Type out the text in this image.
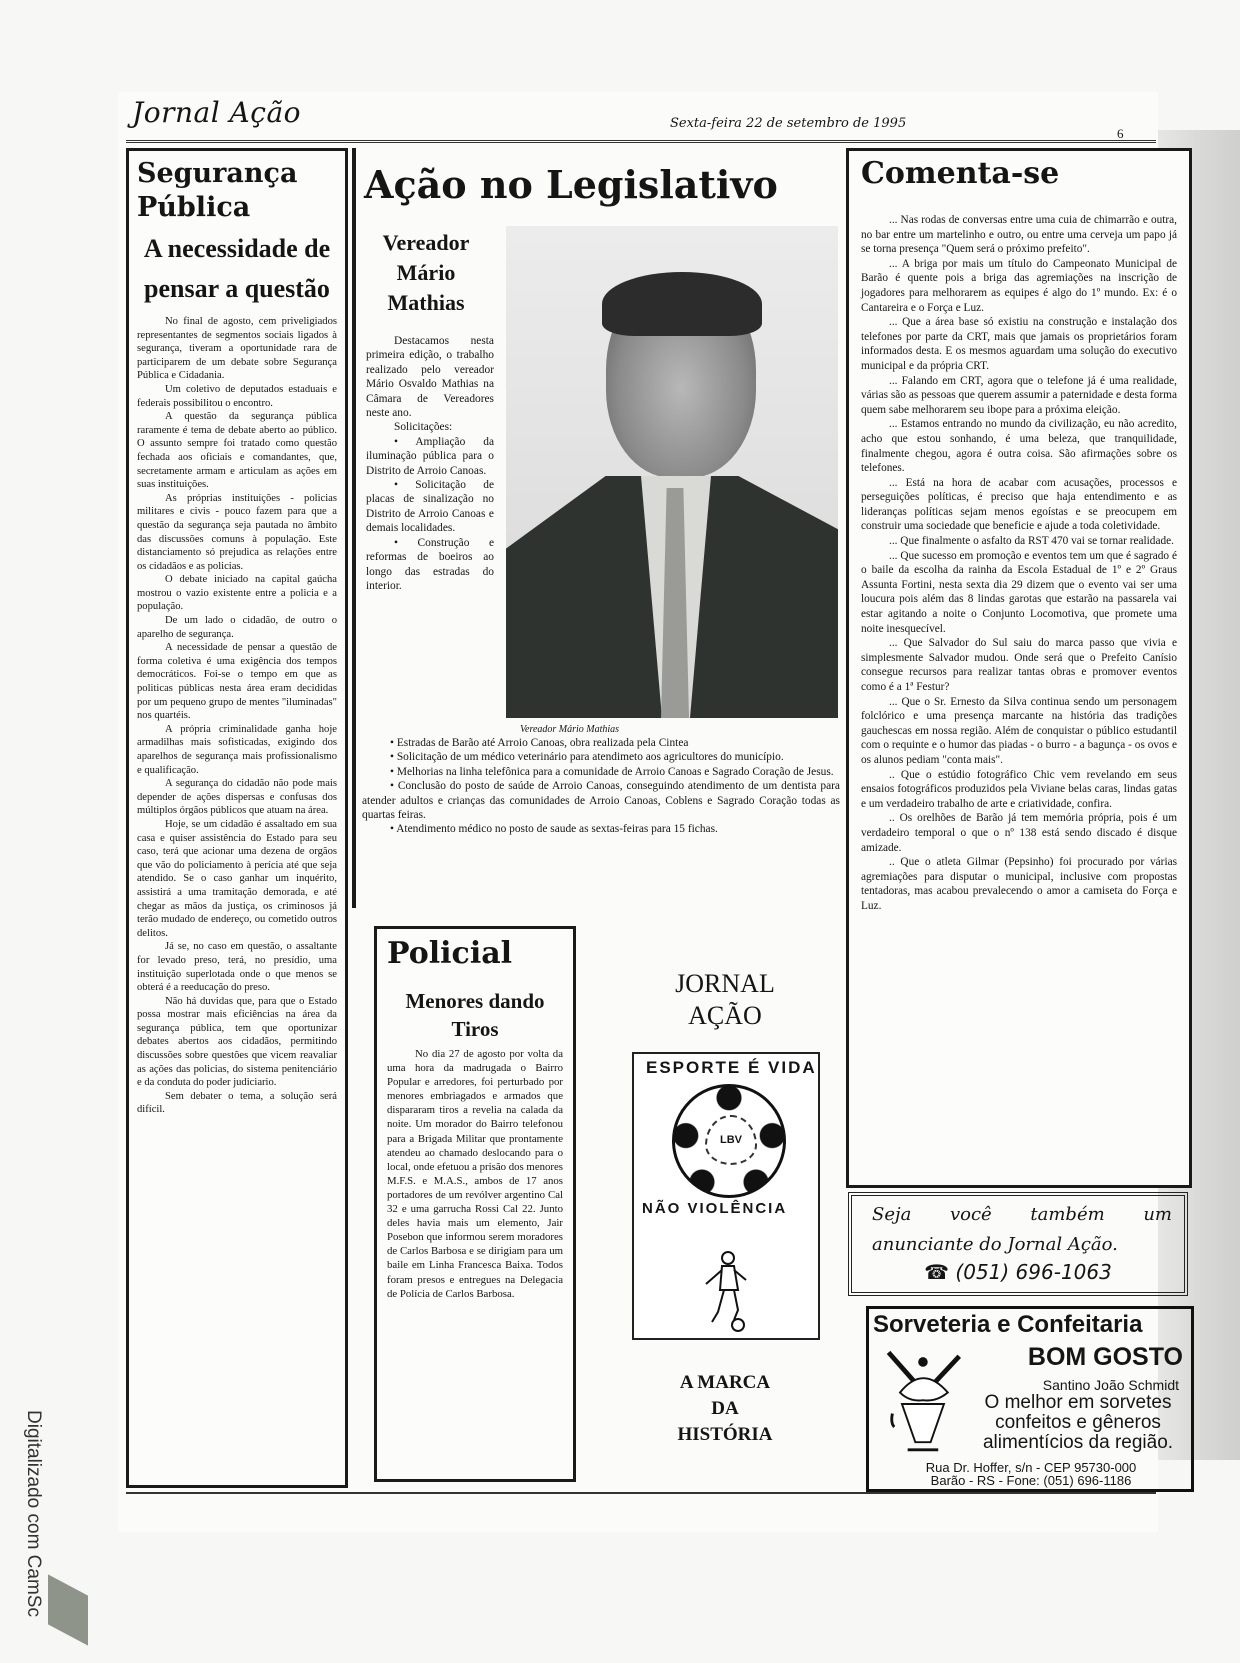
Digitalizado com CamSc
Jornal Ação	Sexta-feira 22 de setembro de 1995
6
Segurança Pública
A necessidade de pensar a questão

No final de agosto, cem priveligiados representantes de segmentos sociais ligados à segurança, tiveram a oportunidade rara de participarem de um debate sobre Segurança Pública e Cidadania.

Um coletivo de deputados estaduais e federais possibilitou o encontro.

A questão da segurança pública raramente é tema de debate aberto ao público. O assunto sempre foi tratado como questão fechada aos oficiais e comandantes, que, secretamente armam e articulam as ações em suas instituições.

As próprias instituições - policias militares e civis - pouco fazem para que a questão da segurança seja pautada no âmbito das discussões comuns à população. Este distanciamento só prejudica as relações entre os cidadãos e as policias.

O debate iniciado na capital gaúcha mostrou o vazio existente entre a policia e a população.

De um lado o cidadão, de outro o aparelho de segurança.

A necessidade de pensar a questão de forma coletiva é uma exigência dos tempos democráticos. Foi-se o tempo em que as politicas públicas nesta área eram decididas por um pequeno grupo de mentes "iluminadas" nos quartéis.

A própria criminalidade ganha hoje armadilhas mais sofisticadas, exigindo dos aparelhos de segurança mais profissionalismo e qualificação.

A segurança do cidadão não pode mais depender de ações dispersas e confusas dos múltiplos órgãos públicos que atuam na área.

Hoje, se um cidadão é assaltado em sua casa e quiser assistência do Estado para seu caso, terá que acionar uma dezena de orgãos que vão do policiamento à perícia até que seja atendido. Se o caso ganhar um inquérito, assistirá a uma tramitação demorada, e até chegar as mãos da justiça, os criminosos já terão mudado de endereço, ou cometido outros delitos.

Já se, no caso em questão, o assaltante for levado preso, terá, no presídio, uma instituição superlotada onde o que menos se obterá é a reeducação do preso.

Não há duvidas que, para que o Estado possa mostrar mais eficiências na área da segurança pública, tem que oportunizar debates abertos aos cidadãos, permitindo discussões sobre questões que vicem reavaliar as ações das policias, do sistema penitenciário e da conduta do poder judiciario.

Sem debater o tema, a solução será difícil.

Ação no Legislativo
Vereador Mário Mathias

Destacamos nesta primeira edição, o trabalho realizado pelo vereador Mário Osvaldo Mathias na Câmara de Vereadores neste ano.

Solicitações:

• Ampliação da iluminação pública para o Distrito de Arroio Canoas.

• Solicitação de placas de sinalização no Distrito de Arroio Canoas e demais localidades.

• Construção e reformas de boeiros ao longo das estradas do interior.

• Estradas de Barão até Arroio Canoas, obra realizada pela Cintea

• Solicitação de um médico veterinário para atendimeto aos agricultores do município.

• Melhorias na linha telefônica para a comunidade de Arroio Canoas e Sagrado Coração de Jesus.

• Conclusão do posto de saúde de Arroio Canoas, conseguindo atendimento de um dentista para atender adultos e crianças das comunidades de Arroio Canoas, Coblens e Sagrado Coração todas as quartas feiras.

• Atendimento médico no posto de saude as sextas-feiras para 15 fichas.

Vereador Mário Mathias
Policial
Menores dando Tiros

No dia 27 de agosto por volta da uma hora da madrugada o Bairro Popular e arredores, foi perturbado por menores embriagados e armados que dispararam tiros a revelia na calada da noite. Um morador do Bairro telefonou para a Brigada Militar que prontamente atendeu ao chamado deslocando para o local, onde efetuou a prisão dos menores M.F.S. e M.A.S., ambos de 17 anos portadores de um revólver argentino Cal 32 e uma garrucha Rossi Cal 22. Junto deles havia mais um elemento, Jair Posebon que informou serem moradores de Carlos Barbosa e se dirigiam para um baile em Linha Francesca Baixa. Todos foram presos e entregues na Delegacia de Polícia de Carlos Barbosa.

JORNAL
AÇÃO
ESPORTE É VIDA
LBV
NÃO VIOLÊNCIA
A MARCA
DA
HISTÓRIA
Comenta-se

... Nas rodas de conversas entre uma cuia de chimarrão e outra, no bar entre um martelinho e outro, ou entre uma cerveja um papo já se torna presença "Quem será o próximo prefeito".

... A briga por mais um título do Campeonato Municipal de Barão é quente pois a briga das agremiações na inscrição de jogadores para melhorarem as equipes é algo do 1º mundo. Ex: é o Cantareira e o Força e Luz.

... Que a área base só existiu na construção e instalação dos telefones por parte da CRT, mais que jamais os proprietários foram informados desta. E os mesmos aguardam uma solução do executivo municipal e da própria CRT.

... Falando em CRT, agora que o telefone já é uma realidade, várias são as pessoas que querem assumir a paternidade e desta forma quem sabe melhorarem seu ibope para a próxima eleição.

... Estamos entrando no mundo da civilização, eu não acredito, acho que estou sonhando, é uma beleza, que tranquilidade, finalmente chegou, agora é outra coisa. São afirmações sobre os telefones.

... Está na hora de acabar com acusações, processos e perseguições políticas, é preciso que haja entendimento e as lideranças políticas sejam menos egoístas e se preocupem em construir uma sociedade que beneficie e ajude a toda coletividade.

... Que finalmente o asfalto da RST 470 vai se tornar realidade.

... Que sucesso em promoção e eventos tem um que é sagrado é o baile da escolha da rainha da Escola Estadual de 1º e 2º Graus Assunta Fortini, nesta sexta dia 29 dizem que o evento vai ser uma loucura pois além das 8 lindas garotas que estarão na passarela vai estar agitando a noite o Conjunto Locomotiva, que promete uma noite inesquecível.

... Que Salvador do Sul saiu do marca passo que vivia e simplesmente Salvador mudou. Onde será que o Prefeito Canísio consegue recursos para realizar tantas obras e promover eventos como é a 1ª Festur?

... Que o Sr. Ernesto da Silva continua sendo um personagem folclórico e uma presença marcante na história das tradições gauchescas em nossa região. Além de conquistar o público estudantil com o requinte e o humor das piadas - o burro - a bagunça - os ovos e os alunos pediam "conta mais".

.. Que o estúdio fotográfico Chic vem revelando em seus ensaios fotográficos produzidos pela Viviane belas caras, lindas gatas e um verdadeiro trabalho de arte e criatividade, confira.

.. Os orelhões de Barão já tem memória própria, pois é um verdadeiro temporal o que o nº 138 está sendo discado é disque amizade.

.. Que o atleta Gilmar (Pepsinho) foi procurado por várias agremiações para disputar o municipal, inclusive com propostas tentadoras, mas acabou prevalecendo o amor a camiseta do Força e Luz.

Seja você também um anunciante do Jornal Ação.
☎ (051) 696-1063
Sorveteria e Confeitaria
BOM GOSTO
Santino João Schmidt
O melhor em sorvetes confeitos e gêneros alimentícios da região.
Rua Dr. Hoffer, s/n - CEP 95730-000
Barão - RS - Fone: (051) 696-1186
